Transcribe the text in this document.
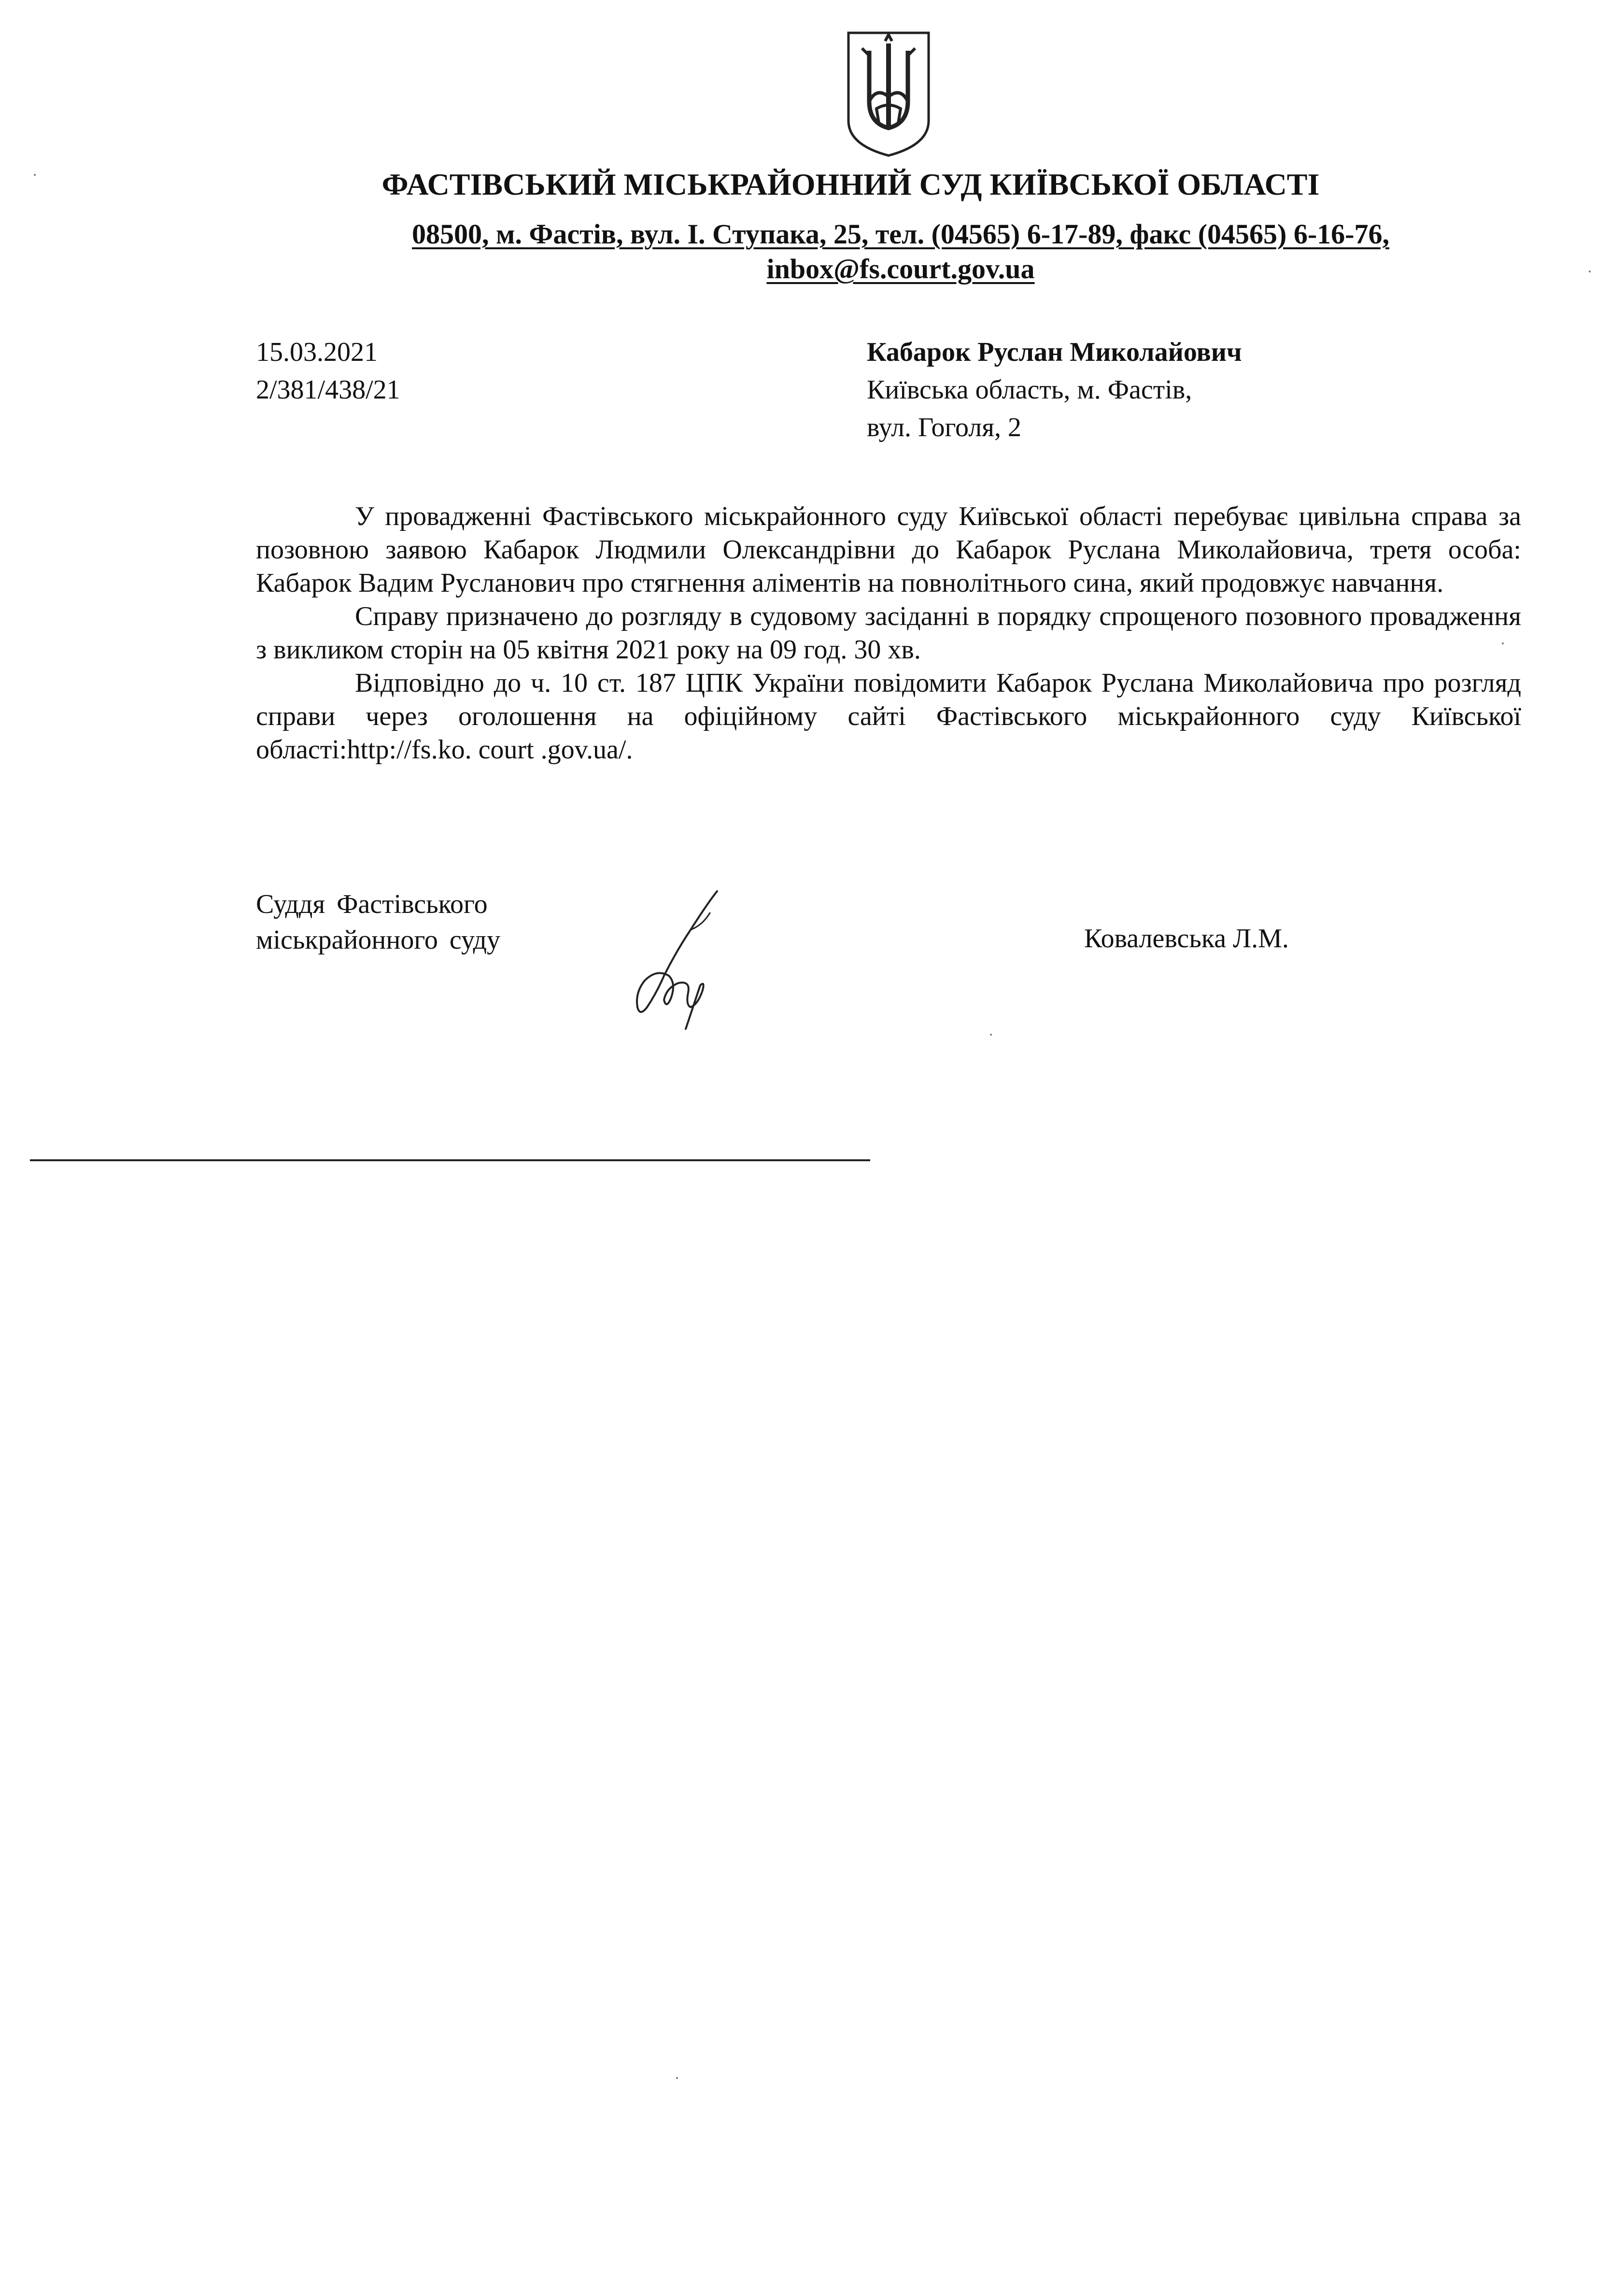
ФАСТІВСЬКИЙ МІСЬКРАЙОННИЙ СУД КИЇВСЬКОЇ ОБЛАСТІ
08500, м. Фастів, вул. І. Ступака, 25, тел. (04565) 6-17-89, факс (04565) 6-16-76,
inbox@fs.court.gov.ua
15.03.2021
2/381/438/21
Кабарок Руслан Миколайович
Київська область, м. Фастів,
вул. Гоголя, 2

У провадженні Фастівського міськрайонного суду Київської області перебуває цивільна справа за позовною заявою Кабарок Людмили Олександрівни до Кабарок Руслана Миколайовича, третя особа: Кабарок Вадим Русланович про стягнення аліментів на повнолітнього сина, який продовжує навчання.

Справу призначено до розгляду в судовому засіданні в порядку спрощеного позовного провадження з викликом сторін на 05 квітня 2021 року на 09 год. 30 хв.

Відповідно до ч. 10 ст. 187 ЦПК України повідомити Кабарок Руслана Миколайовича про розгляд справи через оголошення на офіційному сайті Фастівського міськрайонного суду Київської області:http://fs.ko. court .gov.ua/.

Суддя Фастівського
міськрайонного суду	Ковалевська Л.М.
